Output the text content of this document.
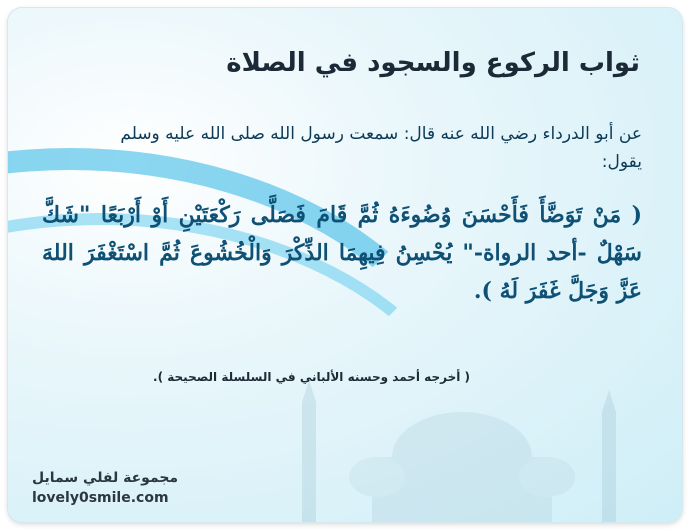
ثواب الركوع والسجود في الصلاة
عن أبو الدرداء رضي الله عنه قال: سمعت رسول الله صلى الله عليه وسلم يقول:
( مَنْ تَوَضَّأَ فَأَحْسَنَ وُضُوءَهُ ثُمَّ قَامَ فَصَلَّى رَكْعَتَيْنِ أَوْ أَرْبَعًا "شَكَّ سَهْلٌ -أحد الرواة-" يُحْسِنُ فِيهِمَا الذِّكْرَ وَالْخُشُوعَ ثُمَّ اسْتَغْفَرَ اللهَ عَزَّ وَجَلَّ غَفَرَ لَهُ ).
( أخرجه أحمد وحسنه الألباني في السلسلة الصحيحة ).
مجموعة لفلي سمايل
lovely0smile.com
